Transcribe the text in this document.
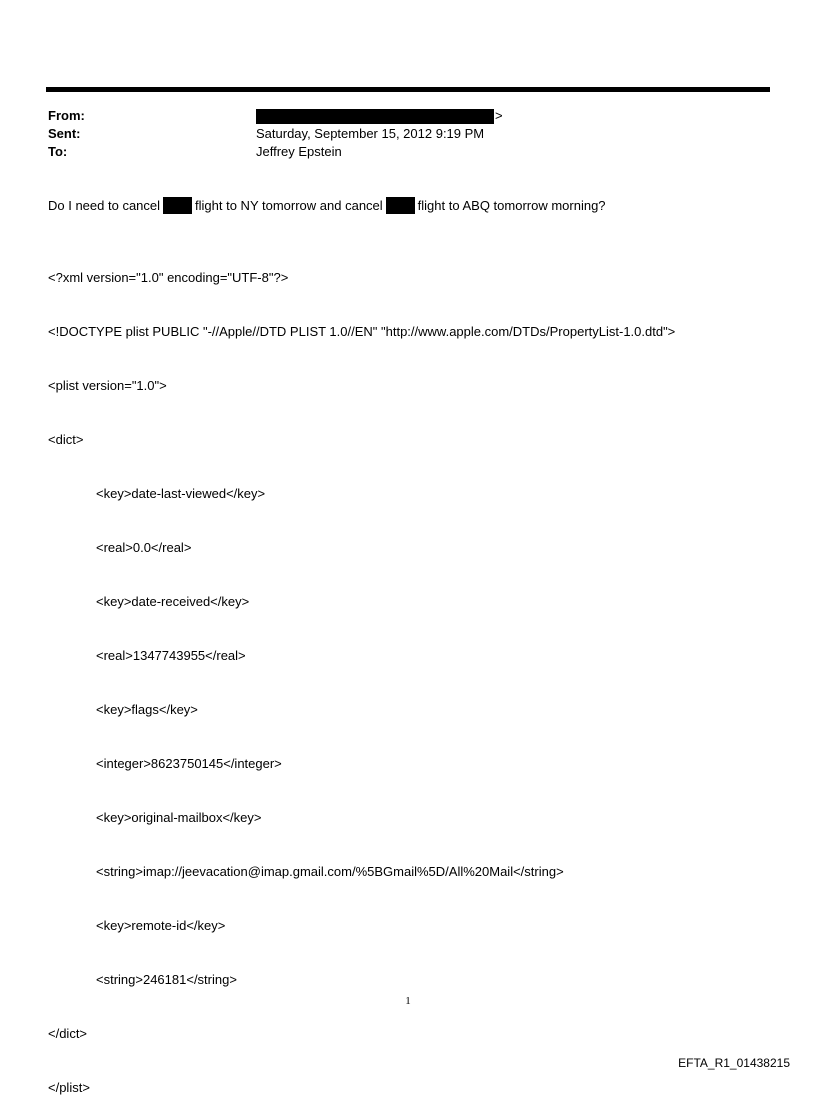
From:	>
Sent:	Saturday, September 15, 2012 9:19 PM
To:	Jeffrey Epstein
Do I need to cancel	flight to NY tomorrow and cancel	flight to ABQ tomorrow morning?

<?xml version="1.0" encoding="UTF-8"?>

<!DOCTYPE plist PUBLIC "-//Apple//DTD PLIST 1.0//EN" "http://www.apple.com/DTDs/PropertyList-1.0.dtd">

<plist version="1.0">

<dict>

<key>date-last-viewed</key>

<real>0.0</real>

<key>date-received</key>

<real>1347743955</real>

<key>flags</key>

<integer>8623750145</integer>

<key>original-mailbox</key>

<string>imap://jeevacation@imap.gmail.com/%5BGmail%5D/All%20Mail</string>

<key>remote-id</key>

<string>246181</string>

</dict>

</plist>

1
EFTA_R1_01438215
